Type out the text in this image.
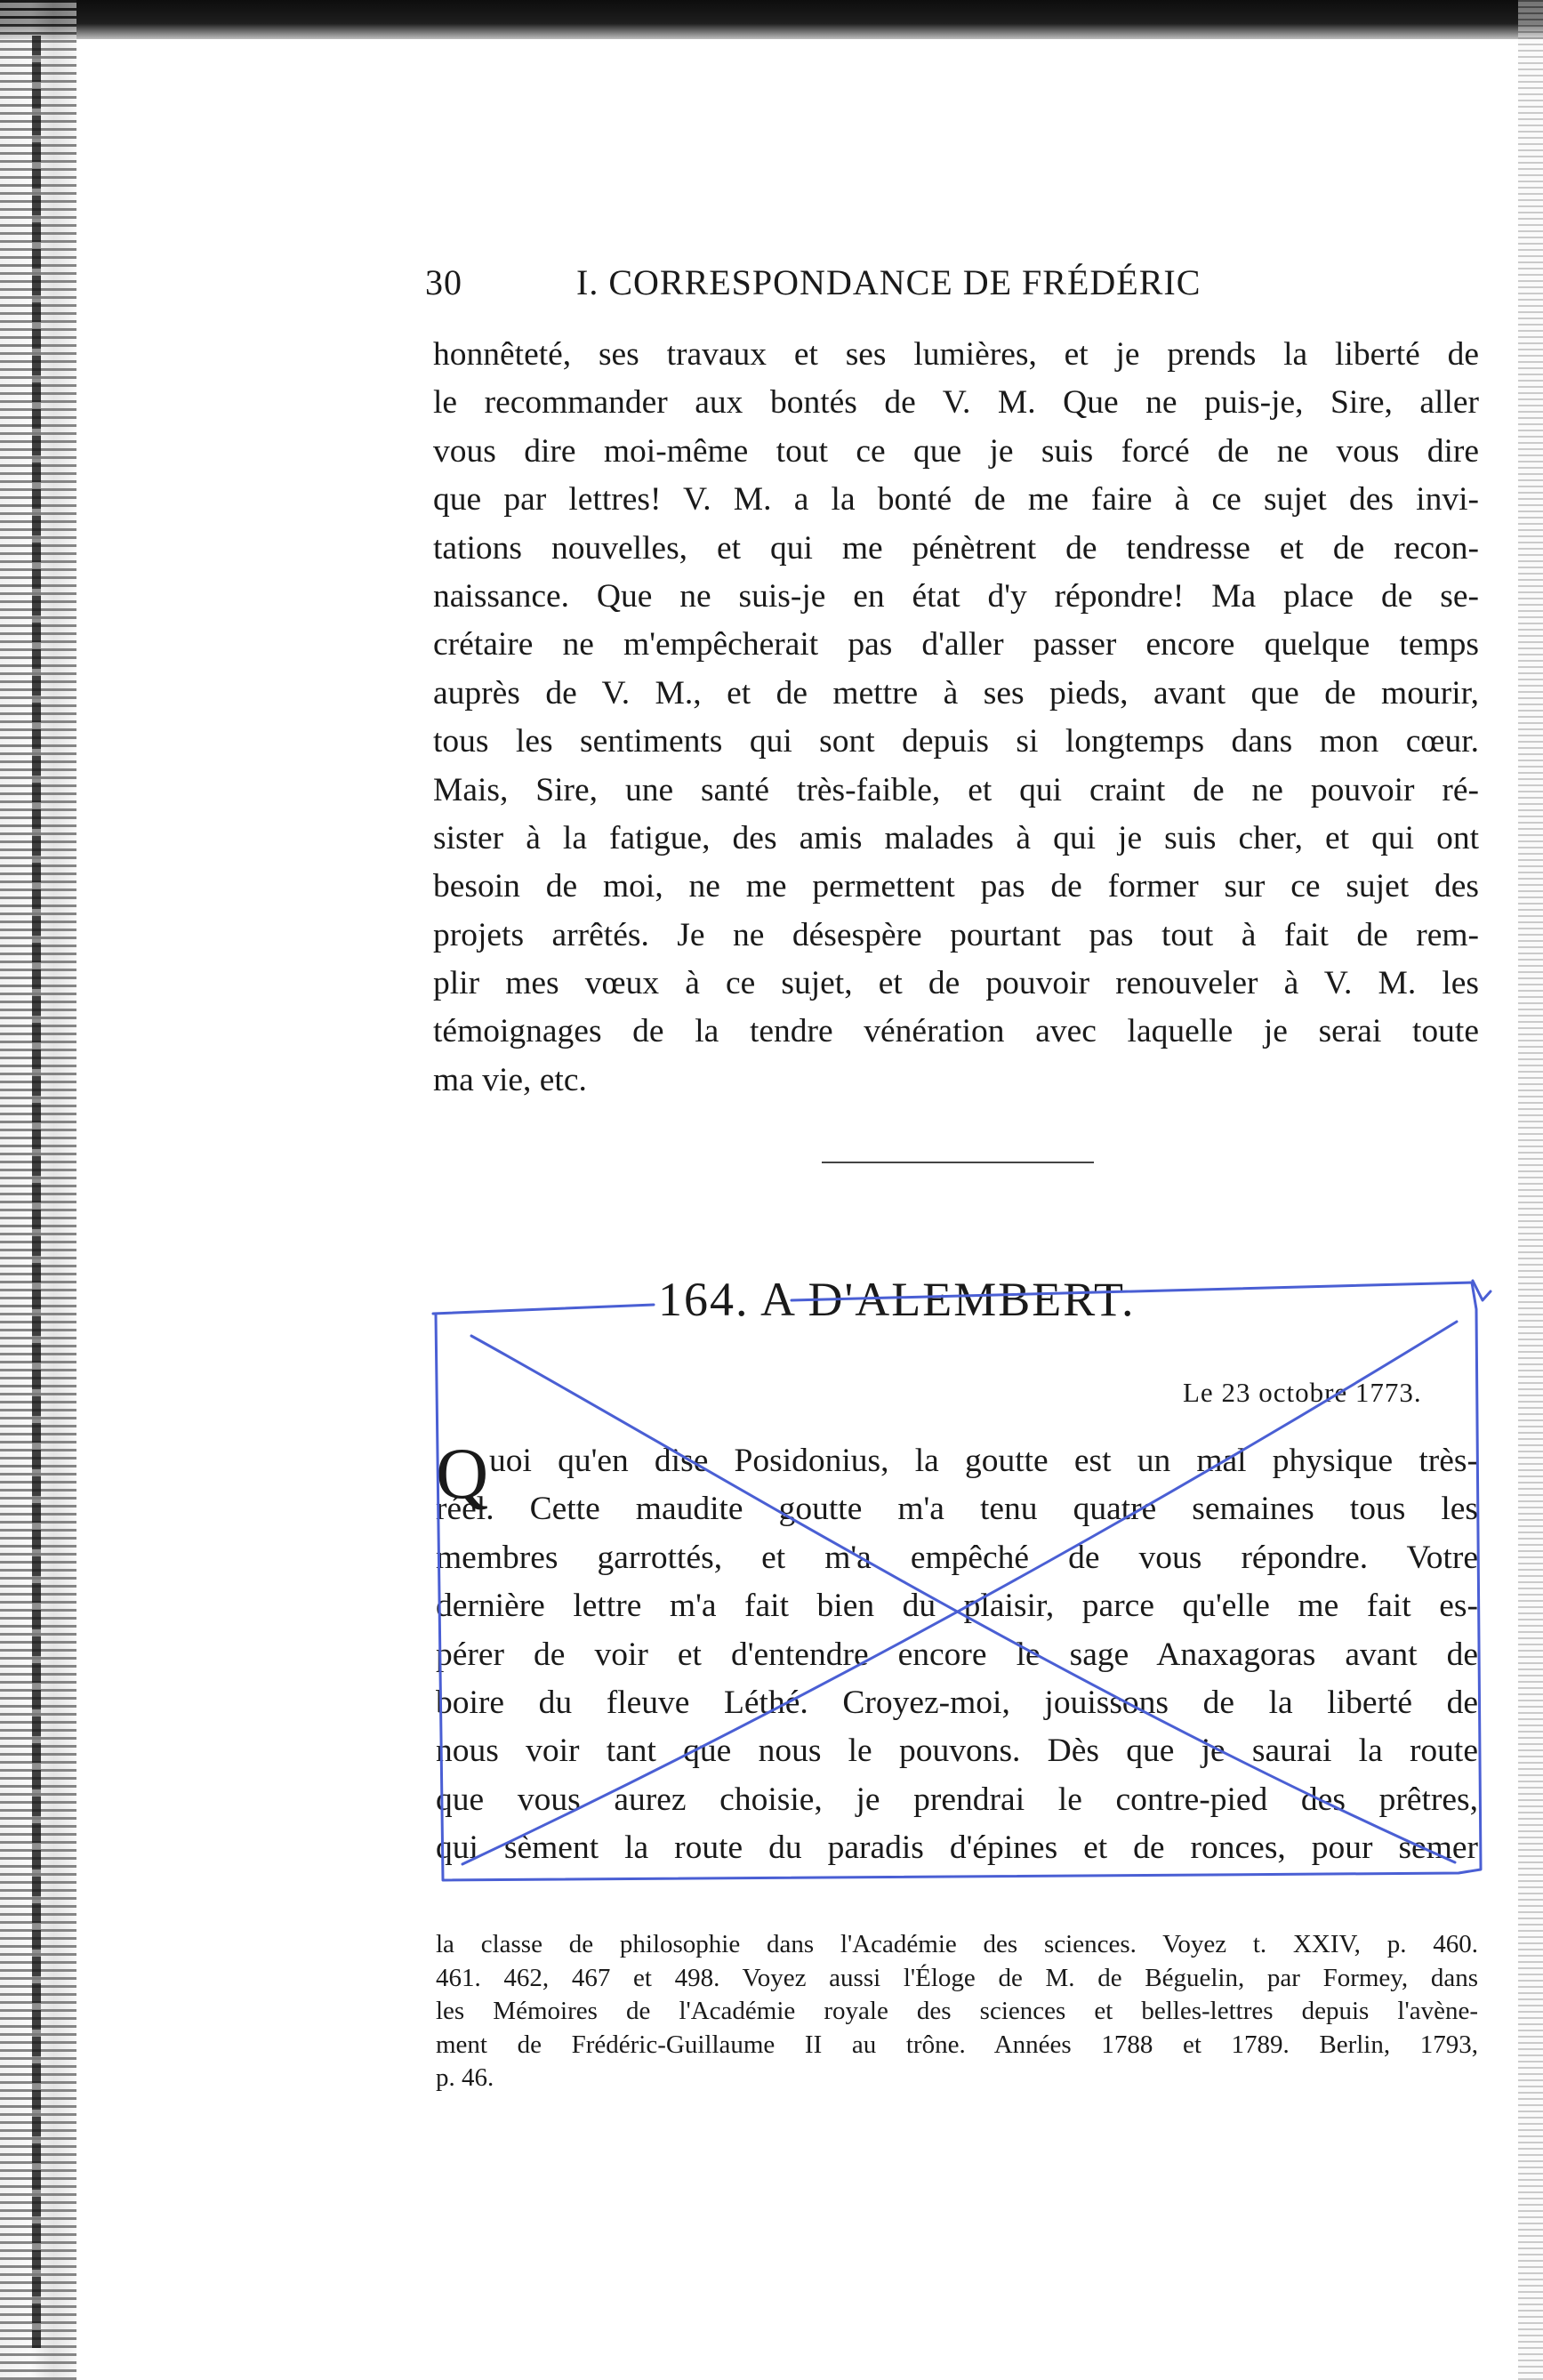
30	I. CORRESPONDANCE DE FRÉDÉRIC
honnêteté, ses travaux et ses lumières, et je prends la liberté de
le recommander aux bontés de V. M. Que ne puis-je, Sire, aller
vous dire moi-même tout ce que je suis forcé de ne vous dire
que par lettres! V. M. a la bonté de me faire à ce sujet des invi-
tations nouvelles, et qui me pénètrent de tendresse et de recon-
naissance. Que ne suis-je en état d'y répondre! Ma place de se-
crétaire ne m'empêcherait pas d'aller passer encore quelque temps
auprès de V. M., et de mettre à ses pieds, avant que de mourir,
tous les sentiments qui sont depuis si longtemps dans mon cœur.
Mais, Sire, une santé très-faible, et qui craint de ne pouvoir ré-
sister à la fatigue, des amis malades à qui je suis cher, et qui ont
besoin de moi, ne me permettent pas de former sur ce sujet des
projets arrêtés. Je ne désespère pourtant pas tout à fait de rem-
plir mes vœux à ce sujet, et de pouvoir renouveler à V. M. les
témoignages de la tendre vénération avec laquelle je serai toute
ma vie, etc.
164. A D'ALEMBERT.
Le 23 octobre 1773.
Q uoi qu'en dise Posidonius, la goutte est un mal physique très-
réel. Cette maudite goutte m'a tenu quatre semaines tous les
membres garrottés, et m'a empêché de vous répondre. Votre
dernière lettre m'a fait bien du plaisir, parce qu'elle me fait es-
pérer de voir et d'entendre encore le sage Anaxagoras avant de
boire du fleuve Léthé. Croyez-moi, jouissons de la liberté de
nous voir tant que nous le pouvons. Dès que je saurai la route
que vous aurez choisie, je prendrai le contre-pied des prêtres,
qui sèment la route du paradis d'épines et de ronces, pour semer
la classe de philosophie dans l'Académie des sciences. Voyez t. XXIV, p. 460.
461. 462, 467 et 498. Voyez aussi l'Éloge de M. de Béguelin, par Formey, dans
les Mémoires de l'Académie royale des sciences et belles-lettres depuis l'avène-
ment de Frédéric-Guillaume II au trône. Années 1788 et 1789. Berlin, 1793,
p. 46.
